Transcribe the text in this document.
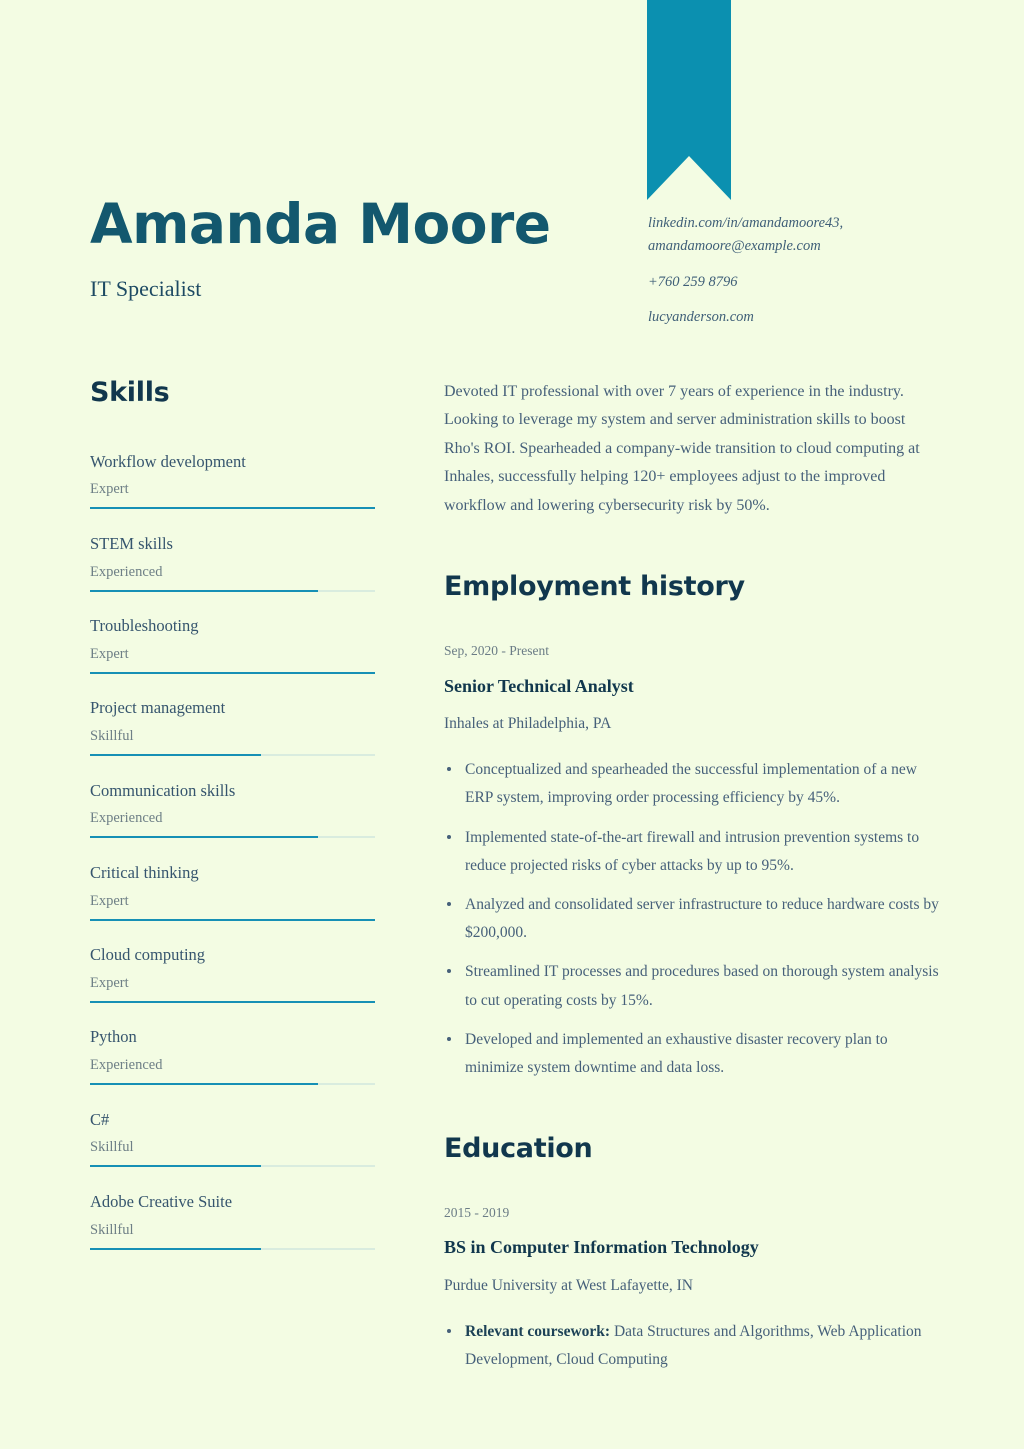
Amanda Moore
IT Specialist
linkedin.com/in/amandamoore43, amandamoore@example.com
+760 259 8796
lucyanderson.com
Skills
Workflow development
Expert
STEM skills
Experienced
Troubleshooting
Expert
Project management
Skillful
Communication skills
Experienced
Critical thinking
Expert
Cloud computing
Expert
Python
Experienced
C#
Skillful
Adobe Creative Suite
Skillful

Devoted IT professional with over 7 years of experience in the industry. Looking to leverage my system and server administration skills to boost Rho's ROI. Spearheaded a company-wide transition to cloud computing at Inhales, successfully helping 120+ employees adjust to the improved workflow and lowering cybersecurity risk by 50%.

Employment history
Sep, 2020 - Present
Senior Technical Analyst
Inhales at Philadelphia, PA
Conceptualized and spearheaded the successful implementation of a new ERP system, improving order processing efficiency by 45%.
Implemented state-of-the-art firewall and intrusion prevention systems to reduce projected risks of cyber attacks by up to 95%.
Analyzed and consolidated server infrastructure to reduce hardware costs by $200,000.
Streamlined IT processes and procedures based on thorough system analysis to cut operating costs by 15%.
Developed and implemented an exhaustive disaster recovery plan to minimize system downtime and data loss.
Education
2015 - 2019
BS in Computer Information Technology
Purdue University at West Lafayette, IN
Relevant coursework: Data Structures and Algorithms, Web Application Development, Cloud Computing
